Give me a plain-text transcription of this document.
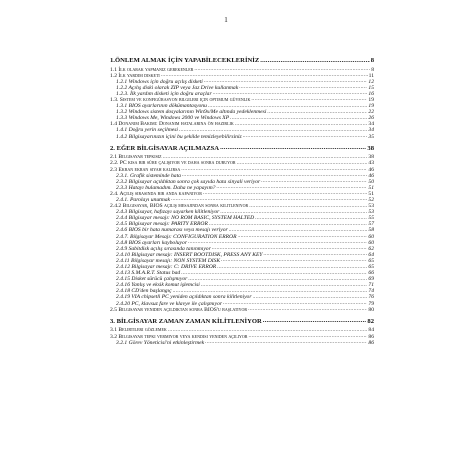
1
1.ÖNLEM ALMAK İÇİN YAPABİLECEKLERİNİZ .....	8
1.1 İlk olarak yapmanız gerekenler .....	8
1.2 İlk yardım disketi .....	11
1.2.1 Windows için doğru açılış disketi .....	12
1.2.2 Açılış diski olarak ZIP veya Jaz Drive kullanmak .....	15
1.2.3. İlk yardım disketi için doğru araçlar .....	16
1.3. Sistem ve konfigürasyon bilgileri için optimum güvenlik .....	19
1.3.1 BIOS ayarlarının dökümantasyonu .....	19
1.3.2 Windows sistem dosyalarının Win9x/Me altında yedeklenmesi .....	22
1.3.3 Windows Me, Windows 2000 ve Windows XP .....	26
1.4 Donanım Bakımı: Donanım hatalarına ön hazırlık .....	34
1.4.1 Doğru yerin seçilmesi .....	34
1.4.2 Bilgisayarınızın içini bu şekilde temizleyebilirsiniz .....	35
2. EĞER BİLGİSAYAR AÇILMAZSA .....	38
2.1 Bilgisayar tepkisiz .....	38
2.2. PC kısa bir süre çalışıyor ve daha sonra duruyor .....	43
2.3 Ekran ekran siyah kalırsa .....	46
2.3.1. Grafik sisteminde hata .....	46
2.3.2 Bilgisayar açıldıktan sonra çok sayıda hata sinyali veriyor .....	50
2.3.3 Hatayı bulamadım. Daha ne yapayım? .....	51
2.4. Açılış sırasında bir anda kapanıyor .....	51
2.4.1. Parolayı unutmak .....	52
2.4.2 Bilgisayar, BIOS açılış mesajından sonra kilitleniyor .....	53
2.4.3 Bilgisayar, hafızayı sayarken kilitleniyor .....	53
2.4.4 Bilgisayar mesajı: NO ROM BASIC, SYSTEM HALTED .....	55
2.4.5 Bilgisayar mesajı: PARITY ERROR .....	57
2.4.6 BIOS bir hata numarası veya mesajı veriyor .....	58
2.4.7. Bilgisayar Mesajı: CONFIGURATION ERROR .....	60
2.4.8 BIOS ayarları kayboluyor .....	60
2.4.9 Sabitdisk açılış sırasında tanınmıyor .....	62
2.4.10 Bilgisayar mesajı: INSERT BOOTDISK, PRESS ANY KEY .....	64
2.4.11 Bilgisayar mesajı: NON SYSTEM DISK .....	65
2.4.12 Bilgisayar mesajı: C: DRIVE ERROR .....	65
2.4.13 S.M.A.R.T. Status bad .....	66
2.4.15 Disket sürücü çalışmıyor .....	69
2.4.16 Yanlış ve eksik komut işlemcisi .....	71
2.4.18 CD'den başlangıç .....	74
2.4.19 VIA chipsetli PC yeniden açıldıktan sonra kilitleniyor .....	76
2.4.20 PC, klavsuz fare ve klavye ile çalışmıyor .....	79
2.5 Bilgisayar yeniden açıldıktan sonra BIOS'u başlatıyor .....	80
3. BİLGİSAYAR ZAMAN ZAMAN KİLİTLENİYOR .....	82
3.1 Belirtileri gözlemek .....	84
3.2 Bilgisayar tepki vermiyor veya kendisi yeniden açılıyor .....	86
3.2.1 Görev Yöneticisi'ni etkinleştirmek .....	86
